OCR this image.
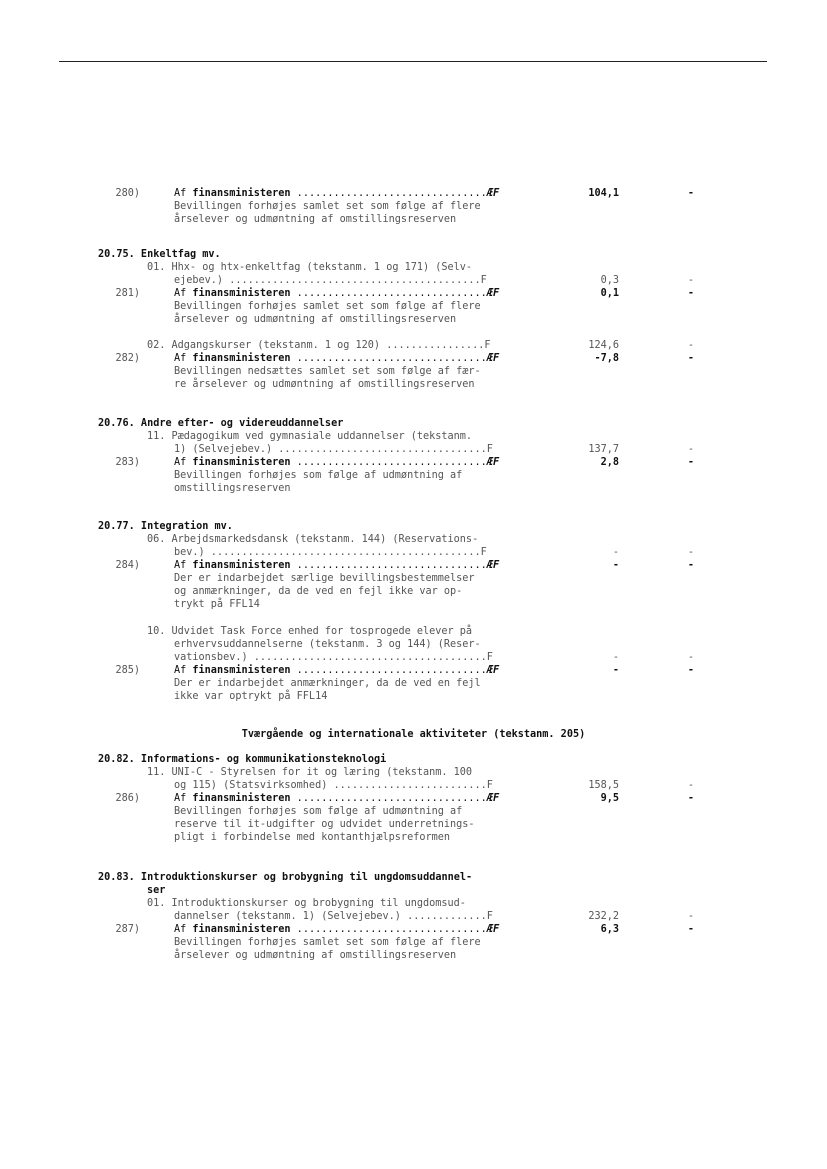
280)	Af finansministeren ...............................ÆF	104,1	-
Bevillingen forhøjes samlet set som følge af flere
årselever og udmøntning af omstillingsreserven
20.75. Enkeltfag mv.
01. Hhx- og htx-enkeltfag (tekstanm. 1 og 171) (Selv-
ejebev.) .........................................F	0,3	-
281)	Af finansministeren ...............................ÆF	0,1	-
Bevillingen forhøjes samlet set som følge af flere
årselever og udmøntning af omstillingsreserven
02. Adgangskurser (tekstanm. 1 og 120) ................F	124,6	-
282)	Af finansministeren ...............................ÆF	-7,8	-
Bevillingen nedsættes samlet set som følge af fær-
re årselever og udmøntning af omstillingsreserven
20.76. Andre efter- og videreuddannelser
11. Pædagogikum ved gymnasiale uddannelser (tekstanm.
1) (Selvejebev.) ..................................F	137,7	-
283)	Af finansministeren ...............................ÆF	2,8	-
Bevillingen forhøjes som følge af udmøntning af
omstillingsreserven
20.77. Integration mv.
06. Arbejdsmarkedsdansk (tekstanm. 144) (Reservations-
bev.) ............................................F	-	-
284)	Af finansministeren ...............................ÆF	-	-
Der er indarbejdet særlige bevillingsbestemmelser
og anmærkninger, da de ved en fejl ikke var op-
trykt på FFL14
10. Udvidet Task Force enhed for tosprogede elever på
erhvervsuddannelserne (tekstanm. 3 og 144) (Reser-
vationsbev.) ......................................F	-	-
285)	Af finansministeren ...............................ÆF	-	-
Der er indarbejdet anmærkninger, da de ved en fejl
ikke var optrykt på FFL14
Tværgående og internationale aktiviteter (tekstanm. 205)
20.82. Informations- og kommunikationsteknologi
11. UNI-C - Styrelsen for it og læring (tekstanm. 100
og 115) (Statsvirksomhed) .........................F	158,5	-
286)	Af finansministeren ...............................ÆF	9,5	-
Bevillingen forhøjes som følge af udmøntning af
reserve til it-udgifter og udvidet underretnings-
pligt i forbindelse med kontanthjælpsreformen
20.83. Introduktionskurser og brobygning til ungdomsuddannel-
ser
01. Introduktionskurser og brobygning til ungdomsud-
dannelser (tekstanm. 1) (Selvejebev.) .............F	232,2	-
287)	Af finansministeren ...............................ÆF	6,3	-
Bevillingen forhøjes samlet set som følge af flere
årselever og udmøntning af omstillingsreserven
